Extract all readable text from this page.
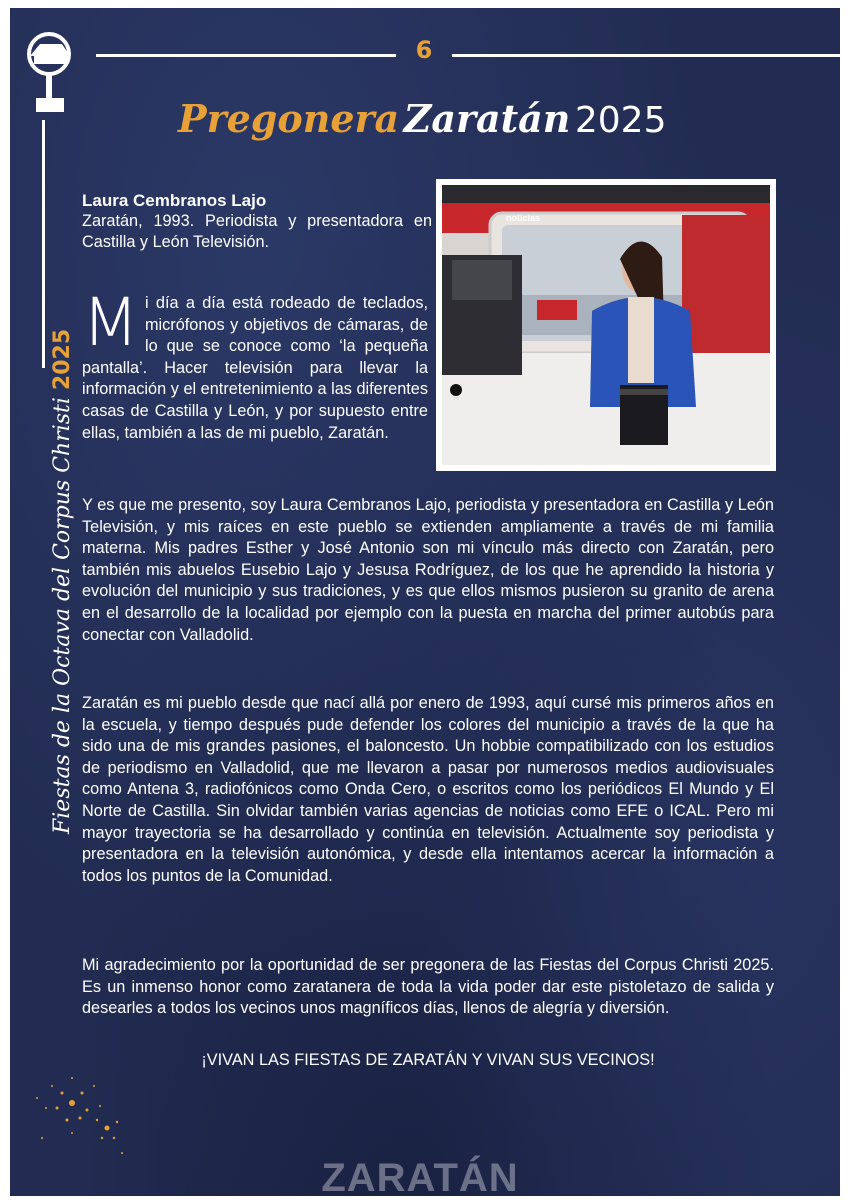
6
Fiestas de la Octava del Corpus Christi 2025
Pregonera Zaratán 2025
Laura Cembranos Lajo
Zaratán, 1993. Periodista y presentadora en Castilla y León Televisión.
noticias
M i día a día está rodeado de teclados, micrófonos y objetivos de cámaras, de lo que se conoce como ‘la pequeña pantalla’. Hacer televisión para llevar la información y el entretenimiento a las diferentes casas de Castilla y León, y por supuesto entre ellas, también a las de mi pueblo, Zaratán.
Y es que me presento, soy Laura Cembranos Lajo, periodista y presentadora en Castilla y León Televisión, y mis raíces en este pueblo se extienden ampliamente a través de mi familia materna. Mis padres Esther y José Antonio son mi vínculo más directo con Zaratán, pero también mis abuelos Eusebio Lajo y Jesusa Rodríguez, de los que he aprendido la historia y evolución del municipio y sus tradiciones, y es que ellos mismos pusieron su granito de arena en el desarrollo de la localidad por ejemplo con la puesta en marcha del primer autobús para conectar con Valladolid.
Zaratán es mi pueblo desde que nací allá por enero de 1993, aquí cursé mis primeros años en la escuela, y tiempo después pude defender los colores del municipio a través de la que ha sido una de mis grandes pasiones, el baloncesto. Un hobbie compatibilizado con los estudios de periodismo en Valladolid, que me llevaron a pasar por numerosos medios audiovisuales como Antena 3, radiofónicos como Onda Cero, o escritos como los periódicos El Mundo y El Norte de Castilla. Sin olvidar también varias agencias de noticias como EFE o ICAL. Pero mi mayor trayectoria se ha desarrollado y continúa en televisión. Actualmente soy periodista y presentadora en la televisión autonómica, y desde ella intentamos acercar la información a todos los puntos de la Comunidad.
Mi agradecimiento por la oportunidad de ser pregonera de las Fiestas del Corpus Christi 2025. Es un inmenso honor como zaratanera de toda la vida poder dar este pistoletazo de salida y desearles a todos los vecinos unos magníficos días, llenos de alegría y diversión.
¡VIVAN LAS FIESTAS DE ZARATÁN Y VIVAN SUS VECINOS!
ZARATÁN
